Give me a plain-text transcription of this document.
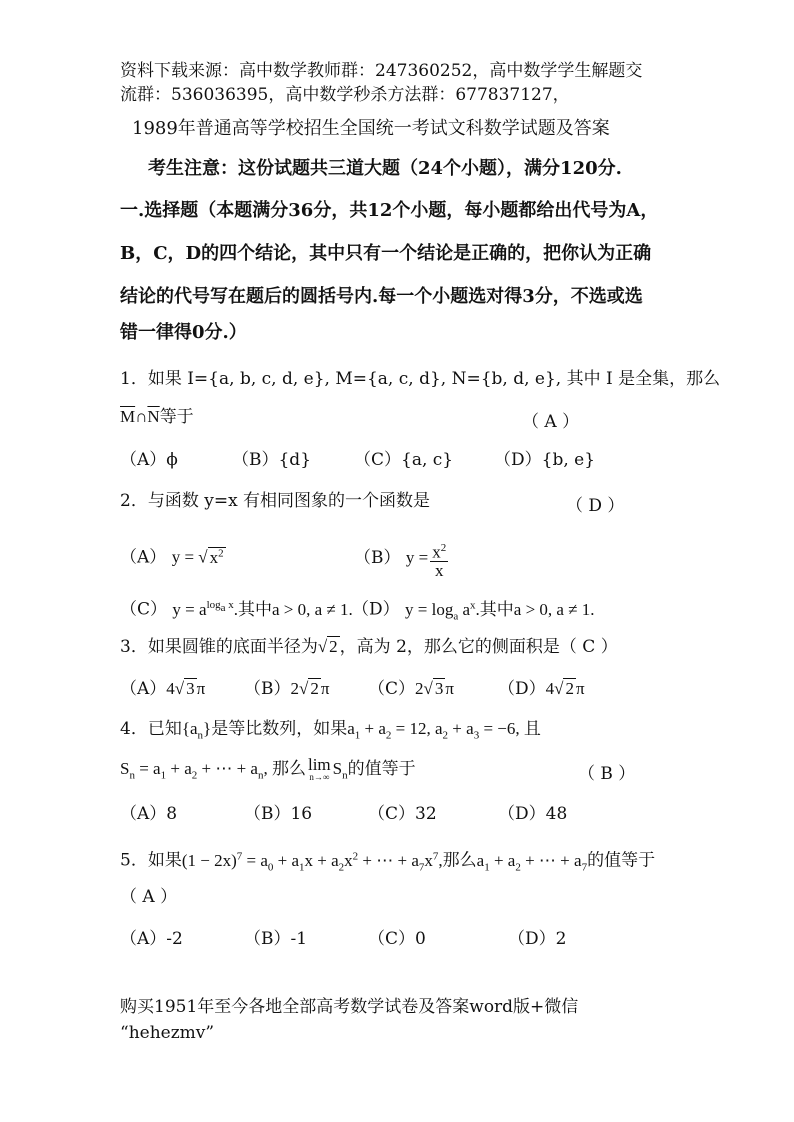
资料下载来源：高中数学教师群：247360252，高中数学学生解题交
流群：536036395，高中数学秒杀方法群：677837127，
1989年普通高等学校招生全国统一考试文科数学试题及答案
考生注意：这份试题共三道大题（24个小题），满分120分.
一.选择题（本题满分36分，共12个小题，每小题都给出代号为A，
B，C，D的四个结论，其中只有一个结论是正确的，把你认为正确
结论的代号写在题后的圆括号内.每一个小题选对得3分，不选或选
错一律得0分.）
1．如果 I={a, b, c, d, e}, M={a, c, d}, N={b, d, e}, 其中 I 是全集，那么
$\overline{M}\cap\overline{N}$等于	（ A ）
（A）ϕ	（B）{d}	（C）{a, c} （D）{b, e}
2．与函数 y=x 有相同图象的一个函数是	（ D ）
（A） y = √ $x^2$	（B） $y = \frac{x^2}{x}$
（C） $y = a^{log_a x}$.其中a > 0, a ≠ 1. （D） $y = \log_a a^x$.其中a > 0, a ≠ 1.
3．如果圆锥的底面半径为√ 2 ，高为 2，那么它的侧面积是（ C ）
（A）4√ 3 π （B）2√ 2 π （C）2√ 3 π	（D）4√ 2 π
4．已知$\{a_n\}$是等比数列，如果$a_1 + a_2 = 12$, $a_2 + a_3 = -6$, 且
$S_n = a_1 + a_2$ + ⋯ + $a_n$, 那么 lim
n→∞ $S_n$的值等于	（ B ）
（A）8	（B）16	（C）32	（D）48
5．如果$(1 - 2x)^7 = a_0 + a_1x + a_2x^2$ + ⋯ + $a_7x^7$,那么$a_1 + a_2$ + ⋯ + $a_7$的值等于
（ A ）
（A）-2	（B）-1	（C）0	（D）2
购买1951年至今各地全部高考数学试卷及答案word版+微信
“hehezmv”
